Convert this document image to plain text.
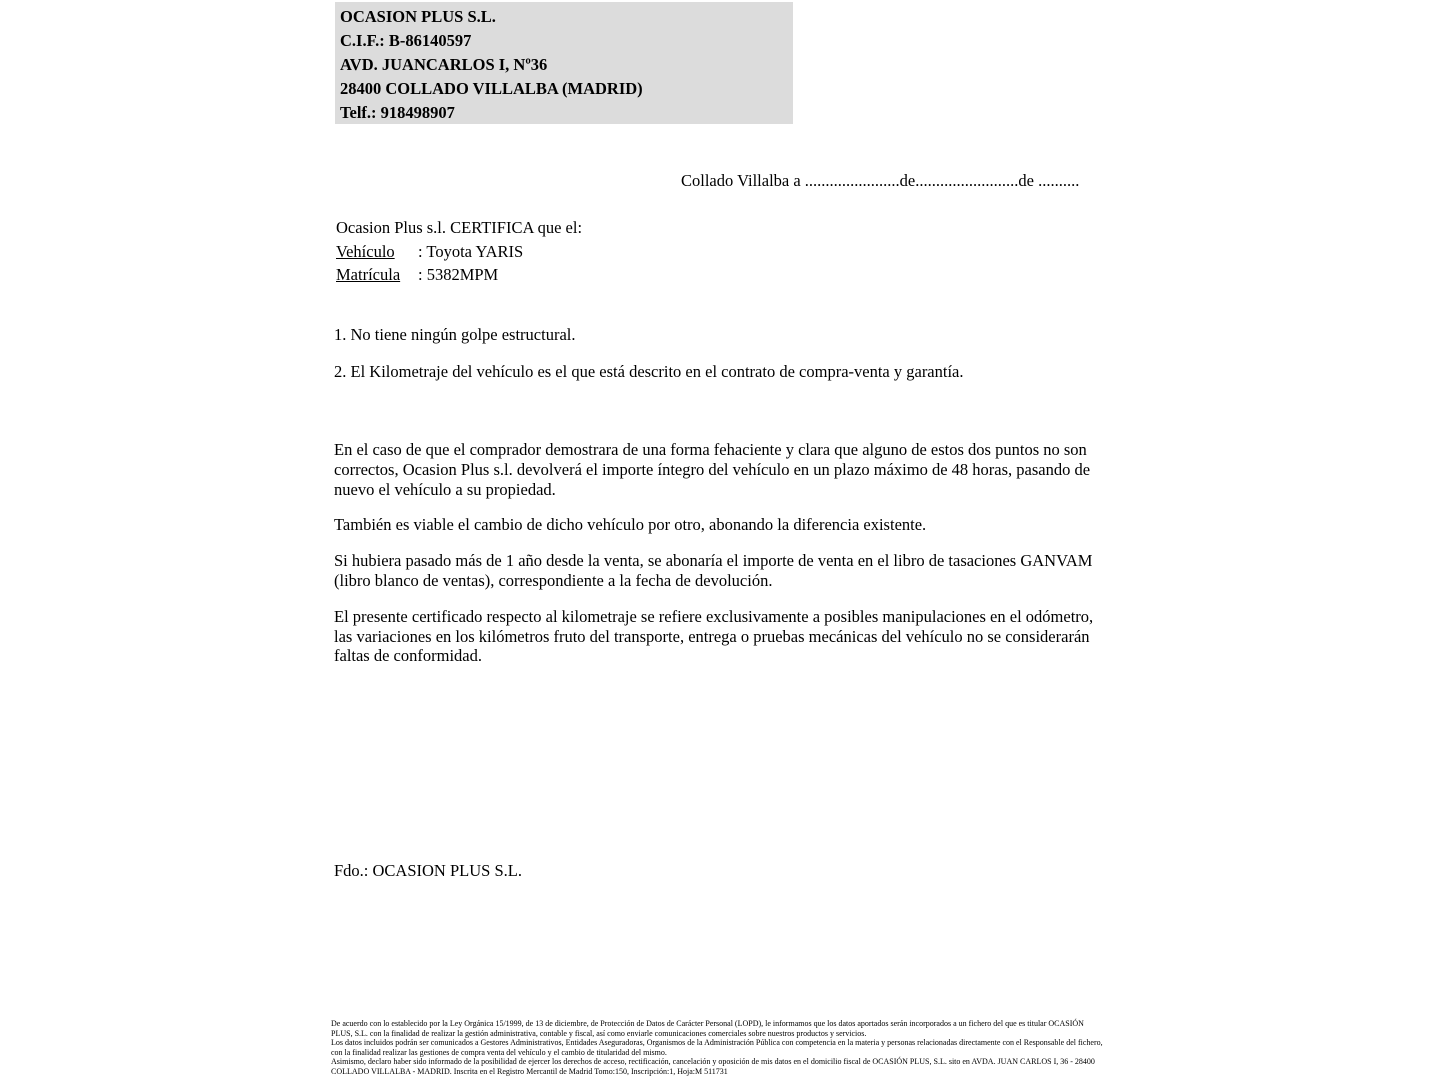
OCASION PLUS S.L.
C.I.F.: B-86140597
AVD. JUANCARLOS I, Nº36
28400 COLLADO VILLALBA (MADRID)
Telf.: 918498907
Collado Villalba a .......................de.........................de ..........
Ocasion Plus s.l. CERTIFICA que el:
Vehículo : Toyota YARIS
Matrícula : 5382MPM
1. No tiene ningún golpe estructural.
2. El Kilometraje del vehículo es el que está descrito en el contrato de compra-venta y garantía.

En el caso de que el comprador demostrara de una forma fehaciente y clara que alguno de estos dos puntos no son correctos, Ocasion Plus s.l. devolverá el importe íntegro del vehículo en un plazo máximo de 48 horas, pasando de nuevo el vehículo a su propiedad.

También es viable el cambio de dicho vehículo por otro, abonando la diferencia existente.

Si hubiera pasado más de 1 año desde la venta, se abonaría el importe de venta en el libro de tasaciones GANVAM (libro blanco de ventas), correspondiente a la fecha de devolución.

El presente certificado respecto al kilometraje se refiere exclusivamente a posibles manipulaciones en el odómetro, las variaciones en los kilómetros fruto del transporte, entrega o pruebas mecánicas del vehículo no se considerarán faltas de conformidad.

Fdo.: OCASION PLUS S.L.
De acuerdo con lo establecido por la Ley Orgánica 15/1999, de 13 de diciembre, de Protección de Datos de Carácter Personal (LOPD), le informamos que los datos aportados serán incorporados a un fichero del que es titular OCASIÓN PLUS, S.L. con la finalidad de realizar la gestión administrativa, contable y fiscal, así como enviarle comunicaciones comerciales sobre nuestros productos y servicios.
Los datos incluidos podrán ser comunicados a Gestores Administrativos, Entidades Aseguradoras, Organismos de la Administración Pública con competencia en la materia y personas relacionadas directamente con el Responsable del fichero, con la finalidad realizar las gestiones de compra venta del vehículo y el cambio de titularidad del mismo.
Asimismo, declaro haber sido informado de la posibilidad de ejercer los derechos de acceso, rectificación, cancelación y oposición de mis datos en el domicilio fiscal de OCASIÓN PLUS, S.L. sito en AVDA. JUAN CARLOS I, 36 - 28400 COLLADO VILLALBA - MADRID. Inscrita en el Registro Mercantil de Madrid Tomo:150, Inscripción:1, Hoja:M 511731
